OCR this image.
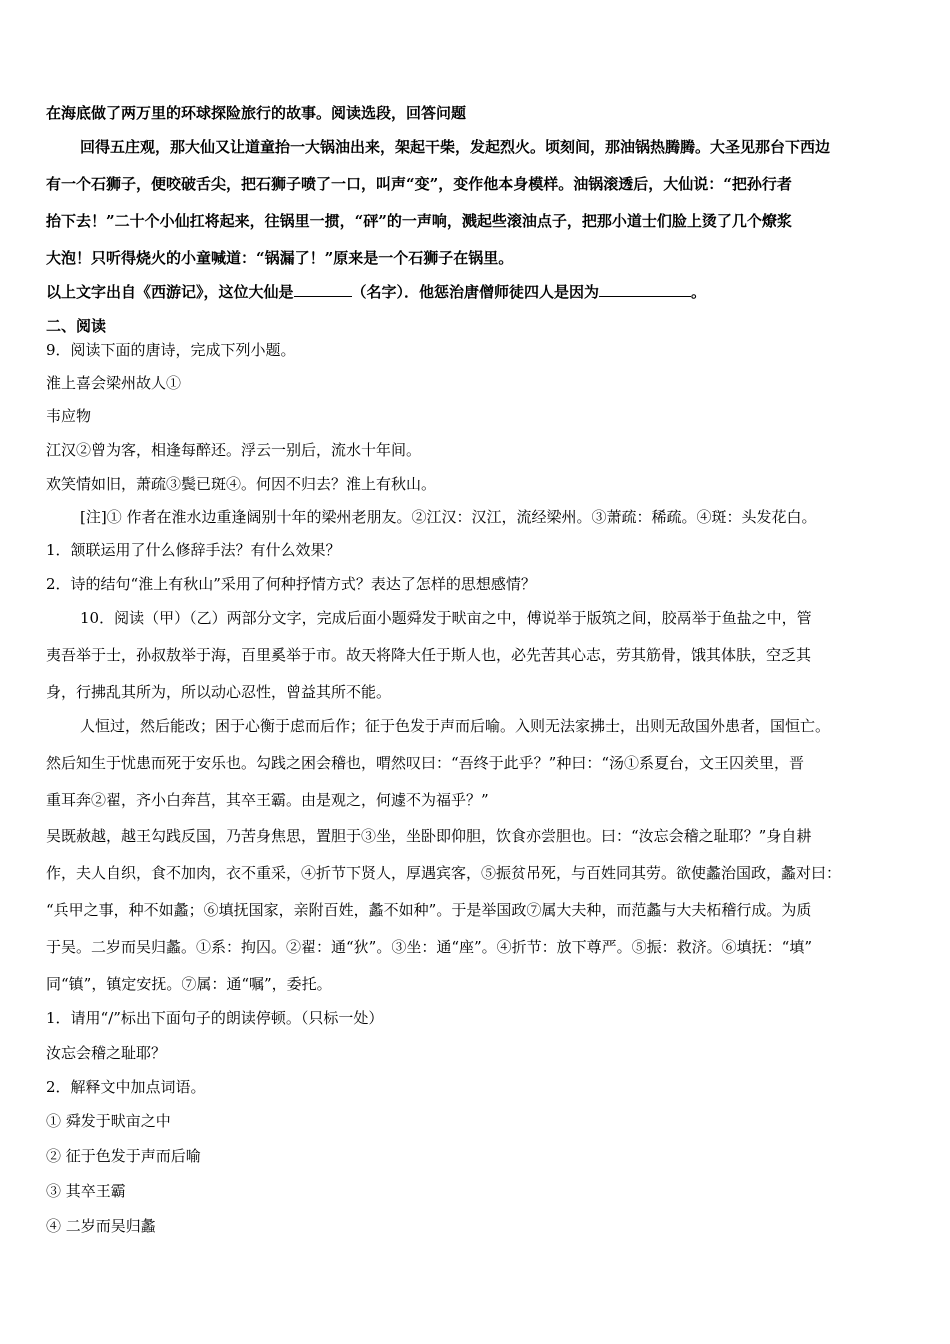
在海底做了两万里的环球探险旅行的故事。阅读选段，回答问题
回得五庄观，那大仙又让道童抬一大锅油出来，架起干柴，发起烈火。顷刻间，那油锅热腾腾。大圣见那台下西边
有一个石狮子，便咬破舌尖，把石狮子喷了一口，叫声“变”，变作他本身模样。油锅滚透后，大仙说：“把孙行者
抬下去！”二十个小仙扛将起来，往锅里一掼，“砰”的一声响，溅起些滚油点子，把那小道士们脸上烫了几个燎浆
大泡！只听得烧火的小童喊道：“锅漏了！”原来是一个石狮子在锅里。
以上文字出自《西游记》，这位大仙是	（名字）．他惩治唐僧师徒四人是因为	。
二、阅读
9．阅读下面的唐诗，完成下列小题。
淮上喜会梁州故人①
韦应物
江汉②曾为客，相逢每醉还。浮云一别后，流水十年间。
欢笑情如旧，萧疏③鬓已斑④。何因不归去？淮上有秋山。
[注]① 作者在淮水边重逢阔别十年的梁州老朋友。②江汉：汉江，流经梁州。③萧疏：稀疏。④斑：头发花白。
1．颔联运用了什么修辞手法？有什么效果？
2．诗的结句“淮上有秋山”采用了何种抒情方式？表达了怎样的思想感情？
10．阅读（甲）（乙）两部分文字，完成后面小题舜发于畎亩之中，傅说举于版筑之间，胶鬲举于鱼盐之中，管
夷吾举于士，孙叔敖举于海，百里奚举于市。故天将降大任于斯人也，必先苦其心志，劳其筋骨，饿其体肤，空乏其
身，行拂乱其所为，所以动心忍性，曾益其所不能。
人恒过，然后能改；困于心衡于虑而后作；征于色发于声而后喻。入则无法家拂士，出则无敌国外患者，国恒亡。
然后知生于忧患而死于安乐也。勾践之困会稽也，喟然叹曰：“吾终于此乎？”种曰：“汤①系夏台，文王囚羑里，晋
重耳奔②翟，齐小白奔莒，其卒王霸。由是观之，何遽不为福乎？”
吴既赦越，越王勾践反国，乃苦身焦思，置胆于③坐，坐卧即仰胆，饮食亦尝胆也。曰：“汝忘会稽之耻耶？”身自耕
作，夫人自织，食不加肉，衣不重采，④折节下贤人，厚遇宾客，⑤振贫吊死，与百姓同其劳。欲使蠡治国政，蠡对曰：
“兵甲之事，种不如蠡；⑥填抚国家，亲附百姓，蠡不如种”。于是举国政⑦属大夫种，而范蠡与大夫柘稽行成。为质
于吴。二岁而吴归蠡。①系：拘囚。②翟：通“狄”。③坐：通“座”。④折节：放下尊严。⑤振：救济。⑥填抚：“填”
同“镇”，镇定安抚。⑦属：通“嘱”，委托。
1．请用“/”标出下面句子的朗读停顿。（只标一处）
汝忘会稽之耻耶？
2．解释文中加点词语。
① 舜发于畎亩之中
② 征于色发于声而后喻
③ 其卒王霸
④ 二岁而吴归蠡
